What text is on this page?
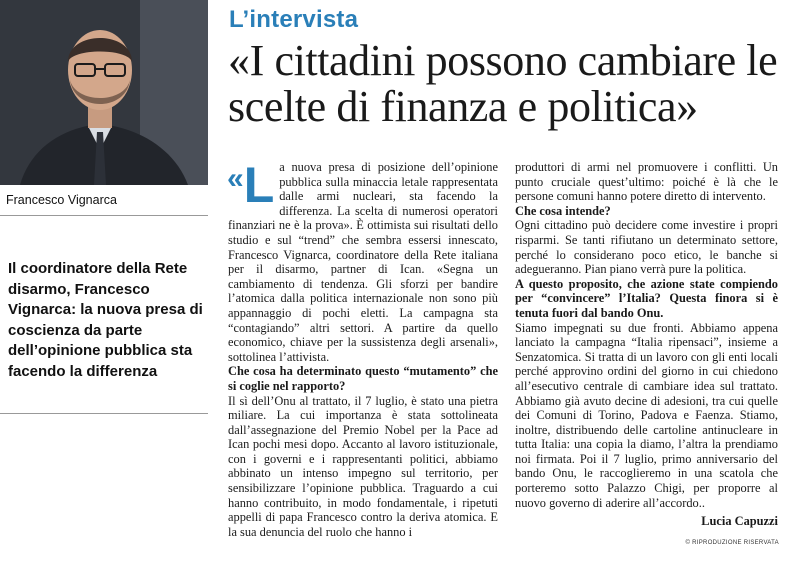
Francesco Vignarca
Il coordinatore della Rete disarmo, Francesco Vignarca: la nuova presa di coscienza da parte dell’opinione pubblica sta facendo la differenza
L’intervista
«I cittadini possono cambiare le scelte di finanza e politica»

« L a nuova presa di posizione dell’opinione pubblica sulla minaccia letale rappresentata dalle armi nucleari, sta facendo la differenza. La scelta di numerosi operatori finanziari ne è la prova». È ottimista sui risultati dello studio e sul “trend” che sembra essersi innescato, Francesco Vignarca, coordinatore della Rete italiana per il disarmo, partner di Ican. «Segna un cambiamento di tendenza. Gli sforzi per bandire l’atomica dalla politica internazionale non sono più appannaggio di pochi eletti. La campagna sta “contagiando” altri settori. A partire da quello economico, chiave per la sussistenza degli arsenali», sottolinea l’attivista.

Che cosa ha determinato questo “mutamento” che si coglie nel rapporto?

Il sì dell’Onu al trattato, il 7 luglio, è stato una pietra miliare. La cui importanza è stata sottolineata dall’assegnazione del Premio Nobel per la Pace ad Ican pochi mesi dopo. Accanto al lavoro istituzionale, con i governi e i rappresentanti politici, abbiamo abbinato un intenso impegno sul territorio, per sensibilizzare l’opinione pubblica. Traguardo a cui hanno contribuito, in modo fondamentale, i ripetuti appelli di papa Francesco contro la deriva atomica. E la sua denuncia del ruolo che hanno i

produttori di armi nel promuovere i conflitti. Un punto cruciale quest’ultimo: poiché è là che le persone comuni hanno potere diretto di intervento.

Che cosa intende?

Ogni cittadino può decidere come investire i propri risparmi. Se tanti rifiutano un determinato settore, perché lo considerano poco etico, le banche si adegueranno. Pian piano verrà pure la politica.

A questo proposito, che azione state compiendo per “convincere” l’Italia? Questa finora si è tenuta fuori dal bando Onu.

Siamo impegnati su due fronti. Abbiamo appena lanciato la campagna “Italia ripensaci”, insieme a Senzatomica. Si tratta di un lavoro con gli enti locali perché approvino ordini del giorno in cui chiedono all’esecutivo centrale di cambiare idea sul trattato. Abbiamo già avuto decine di adesioni, tra cui quelle dei Comuni di Torino, Padova e Faenza. Stiamo, inoltre, distribuendo delle cartoline antinucleare in tutta Italia: una copia la diamo, l’altra la prendiamo noi firmata. Poi il 7 luglio, primo anniversario del bando Onu, le raccoglieremo in una scatola che porteremo sotto Palazzo Chigi, per proporre al nuovo governo di aderire all’accordo..

Lucia Capuzzi

© RIPRODUZIONE RISERVATA
